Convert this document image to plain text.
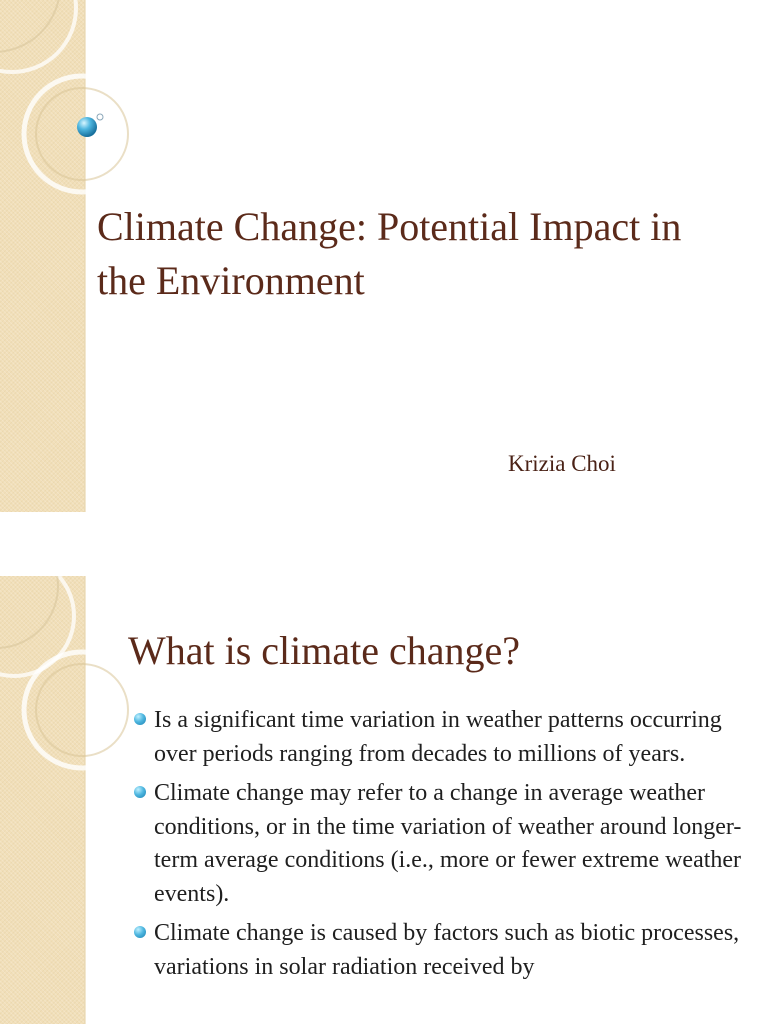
Climate Change: Potential Impact in the Environment
Krizia Choi
What is climate change?
Is a significant time variation in weather patterns occurring over periods ranging from decades to millions of years.
Climate change may refer to a change in average weather conditions, or in the time variation of weather around longer-term average conditions (i.e., more or fewer extreme weather events).
Climate change is caused by factors such as biotic processes, variations in solar radiation received by
